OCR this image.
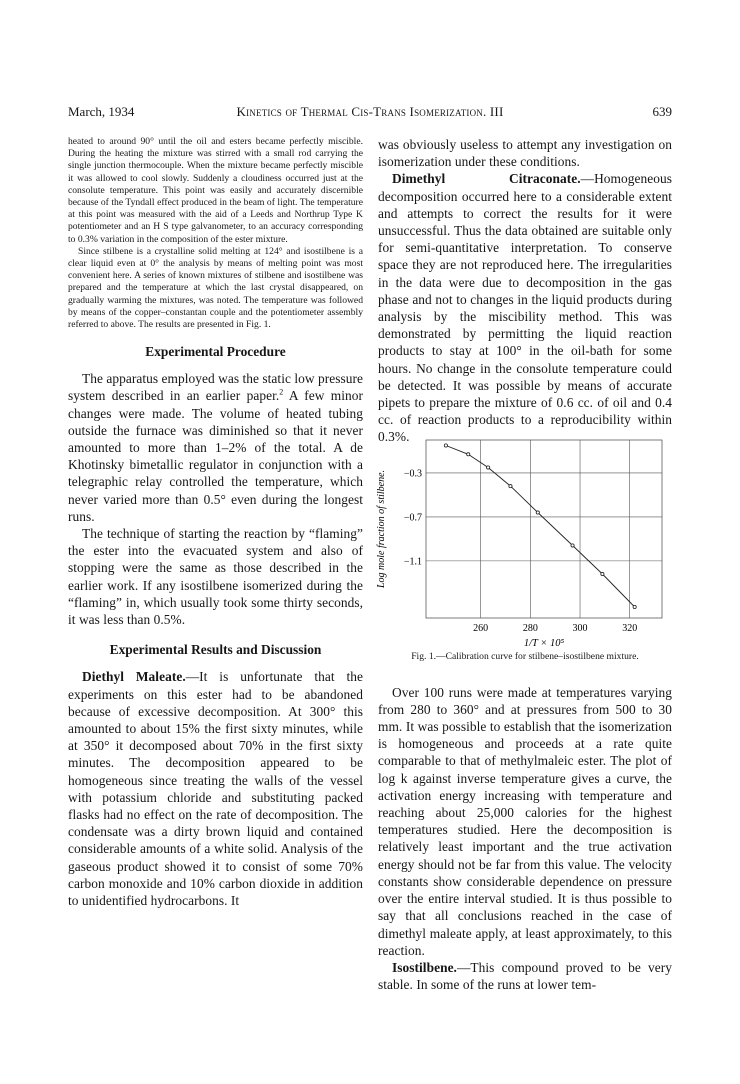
March, 1934	Kinetics of Thermal Cis-Trans Isomerization. III	639

heated to around 90° until the oil and esters became perfectly miscible. During the heating the mixture was stirred with a small rod carrying the single junction thermocouple. When the mixture became perfectly miscible it was allowed to cool slowly. Suddenly a cloudiness occurred just at the consolute temperature. This point was easily and accurately discernible because of the Tyndall effect produced in the beam of light. The temperature at this point was measured with the aid of a Leeds and Northrup Type K potentiometer and an H S type galvanometer, to an accuracy corresponding to 0.3% variation in the composition of the ester mixture.

Since stilbene is a crystalline solid melting at 124° and isostilbene is a clear liquid even at 0° the analysis by means of melting point was most convenient here. A series of known mixtures of stilbene and isostilbene was prepared and the temperature at which the last crystal disappeared, on gradually warming the mixtures, was noted. The temperature was followed by means of the copper–constantan couple and the potentiometer assembly referred to above. The results are presented in Fig. 1.

Experimental Procedure

The apparatus employed was the static low pressure system described in an earlier paper.$^2$ A few minor changes were made. The volume of heated tubing outside the furnace was diminished so that it never amounted to more than 1–2% of the total. A de Khotinsky bimetallic regulator in conjunction with a telegraphic relay controlled the temperature, which never varied more than 0.5° even during the longest runs.

The technique of starting the reaction by “flaming” the ester into the evacuated system and also of stopping were the same as those described in the earlier work. If any isostilbene isomerized during the “flaming” in, which usually took some thirty seconds, it was less than 0.5%.

Experimental Results and Discussion

Diethyl Maleate.—It is unfortunate that the experiments on this ester had to be abandoned because of excessive decomposition. At 300° this amounted to about 15% the first sixty minutes, while at 350° it decomposed about 70% in the first sixty minutes. The decomposition appeared to be homogeneous since treating the walls of the vessel with potassium chloride and substituting packed flasks had no effect on the rate of decomposition. The condensate was a dirty brown liquid and contained considerable amounts of a white solid. Analysis of the gaseous product showed it to consist of some 70% carbon monoxide and 10% carbon dioxide in addition to unidentified hydrocarbons. It

was obviously useless to attempt any investigation on isomerization under these conditions.

Dimethyl Citraconate.—Homogeneous decomposition occurred here to a considerable extent and attempts to correct the results for it were unsuccessful. Thus the data obtained are suitable only for semi-quantitative interpretation. To conserve space they are not reproduced here. The irregularities in the data were due to decomposition in the gas phase and not to changes in the liquid products during analysis by the miscibility method. This was demonstrated by permitting the liquid reaction products to stay at 100° in the oil-bath for some hours. No change in the consolute temperature could be detected. It was possible by means of accurate pipets to prepare the mixture of 0.6 cc. of oil and 0.4 cc. of reaction products to a reproducibility within 0.3%.

Over 100 runs were made at temperatures varying from 280 to 360° and at pressures from 500 to 30 mm. It was possible to establish that the isomerization is homogeneous and proceeds at a rate quite comparable to that of methylmaleic ester. The plot of log k against inverse temperature gives a curve, the activation energy increasing with temperature and reaching about 25,000 calories for the highest temperatures studied. Here the decomposition is relatively least important and the true activation energy should not be far from this value. The velocity constants show considerable dependence on pressure over the entire interval studied. It is thus possible to say that all conclusions reached in the case of dimethyl maleate apply, at least approximately, to this reaction.

Isostilbene.—This compound proved to be very stable. In some of the runs at lower tem-

260	280	300	320
−0.3
−0.7
−1.1
1/T × 10⁵
Log mole fraction of stilbene.
Fig. 1.—Calibration curve for stilbene–isostilbene mixture.
